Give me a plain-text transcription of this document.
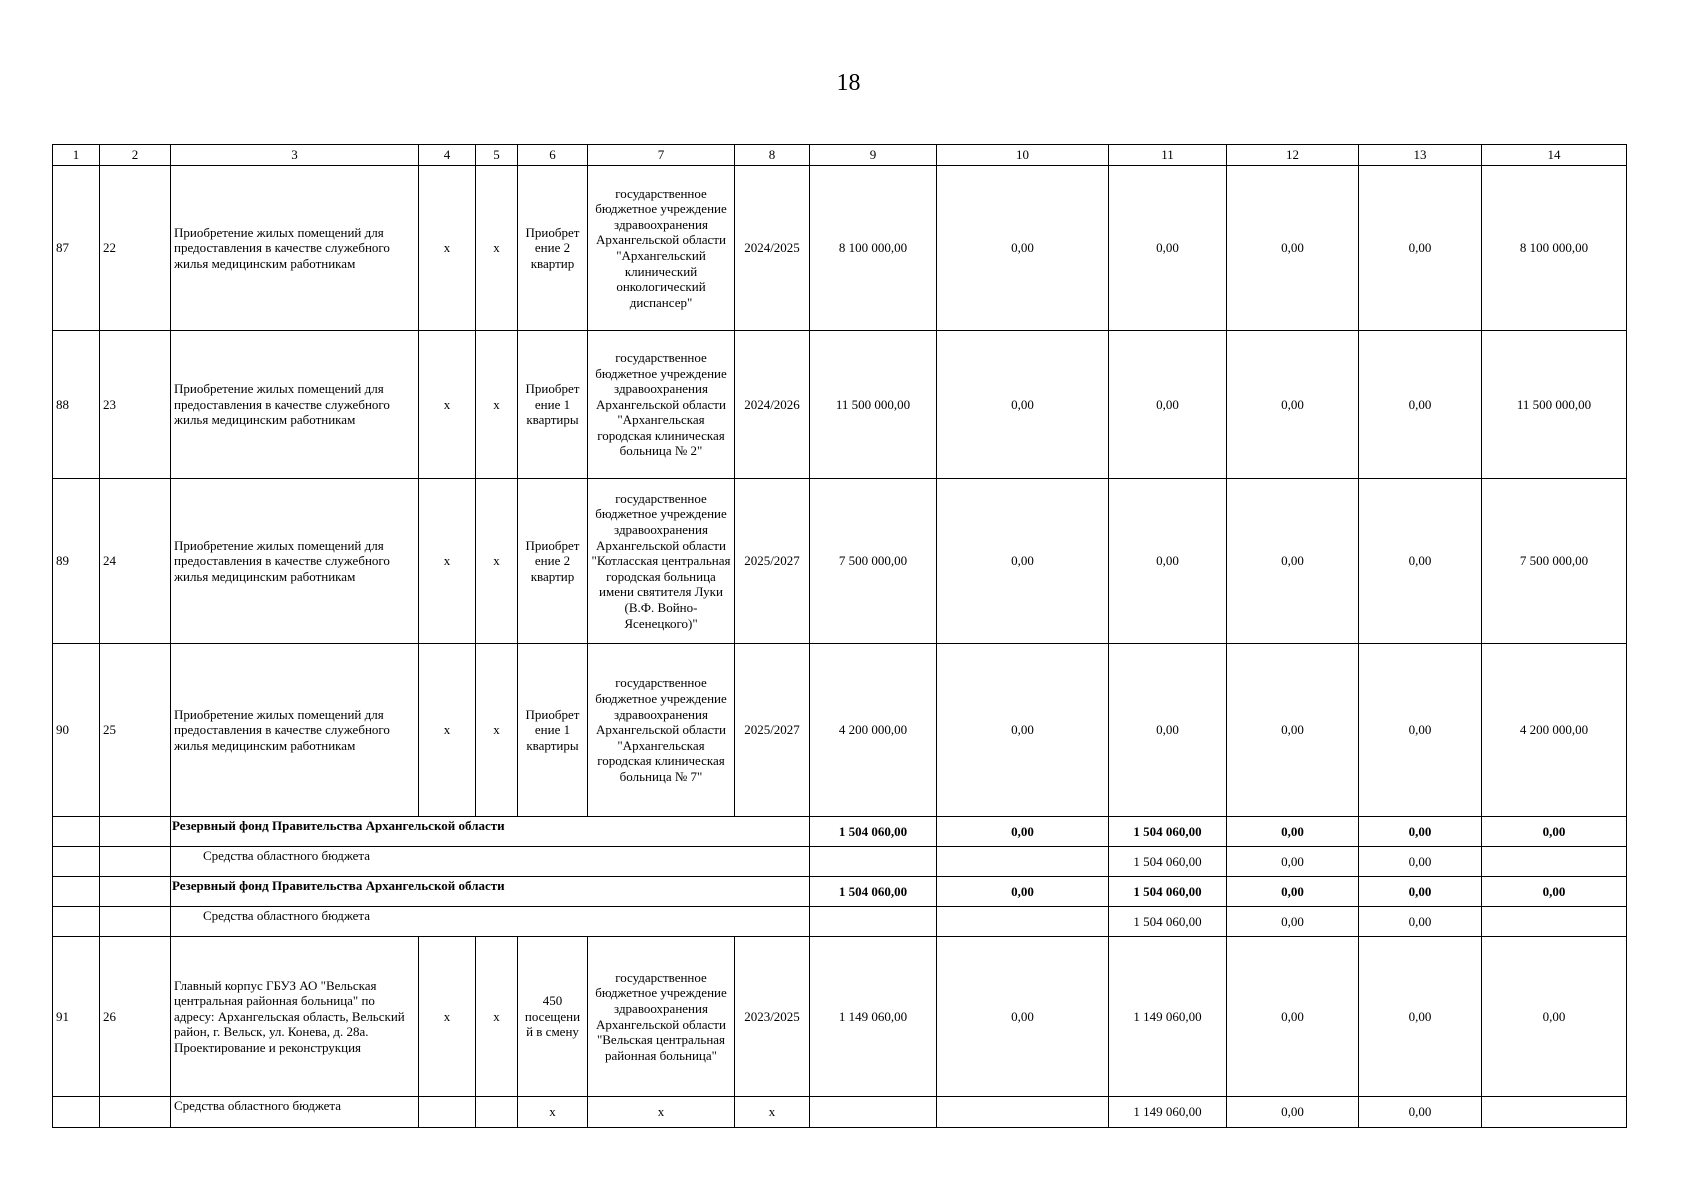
18
1	2	3	4	5	6	7	8	9	10	11	12	13	14
87	22	Приобретение жилых помещений для предоставления в качестве служебного жилья медицинским работникам	x	x	Приобрет ение 2 квартир	государственное бюджетное учреждение здравоохранения Архангельской области "Архангельский клинический онкологический диспансер"	2024/2025	8 100 000,00	0,00	0,00	0,00	0,00	8 100 000,00
88	23	Приобретение жилых помещений для предоставления в качестве служебного жилья медицинским работникам	x	x	Приобрет ение 1 квартиры	государственное бюджетное учреждение здравоохранения Архангельской области "Архангельская городская клиническая больница № 2"	2024/2026	11 500 000,00	0,00	0,00	0,00	0,00	11 500 000,00
89	24	Приобретение жилых помещений для предоставления в качестве служебного жилья медицинским работникам	x	x	Приобрет ение 2 квартир	государственное бюджетное учреждение здравоохранения Архангельской области "Котласская центральная городская больница имени святителя Луки (В.Ф. Войно-Ясенецкого)"	2025/2027	7 500 000,00	0,00	0,00	0,00	0,00	7 500 000,00
90	25	Приобретение жилых помещений для предоставления в качестве служебного жилья медицинским работникам	x	x	Приобрет ение 1 квартиры	государственное бюджетное учреждение здравоохранения Архангельской области "Архангельская городская клиническая больница № 7"	2025/2027	4 200 000,00	0,00	0,00	0,00	0,00	4 200 000,00
		Резервный фонд Правительства Архангельской области						1 504 060,00	0,00	1 504 060,00	0,00	0,00	0,00
		Средства областного бюджета								1 504 060,00	0,00	0,00	
		Резервный фонд Правительства Архангельской области						1 504 060,00	0,00	1 504 060,00	0,00	0,00	0,00
		Средства областного бюджета								1 504 060,00	0,00	0,00	
91	26	Главный корпус ГБУЗ АО "Вельская центральная районная больница" по адресу: Архангельская область, Вельский район, г. Вельск, ул. Конева, д. 28а. Проектирование и реконструкция	x	x	450 посещени й в смену	государственное бюджетное учреждение здравоохранения Архангельской области "Вельская центральная районная больница"	2023/2025	1 149 060,00	0,00	1 149 060,00	0,00	0,00	0,00
		Средства областного бюджета			x	x	x			1 149 060,00	0,00	0,00	
